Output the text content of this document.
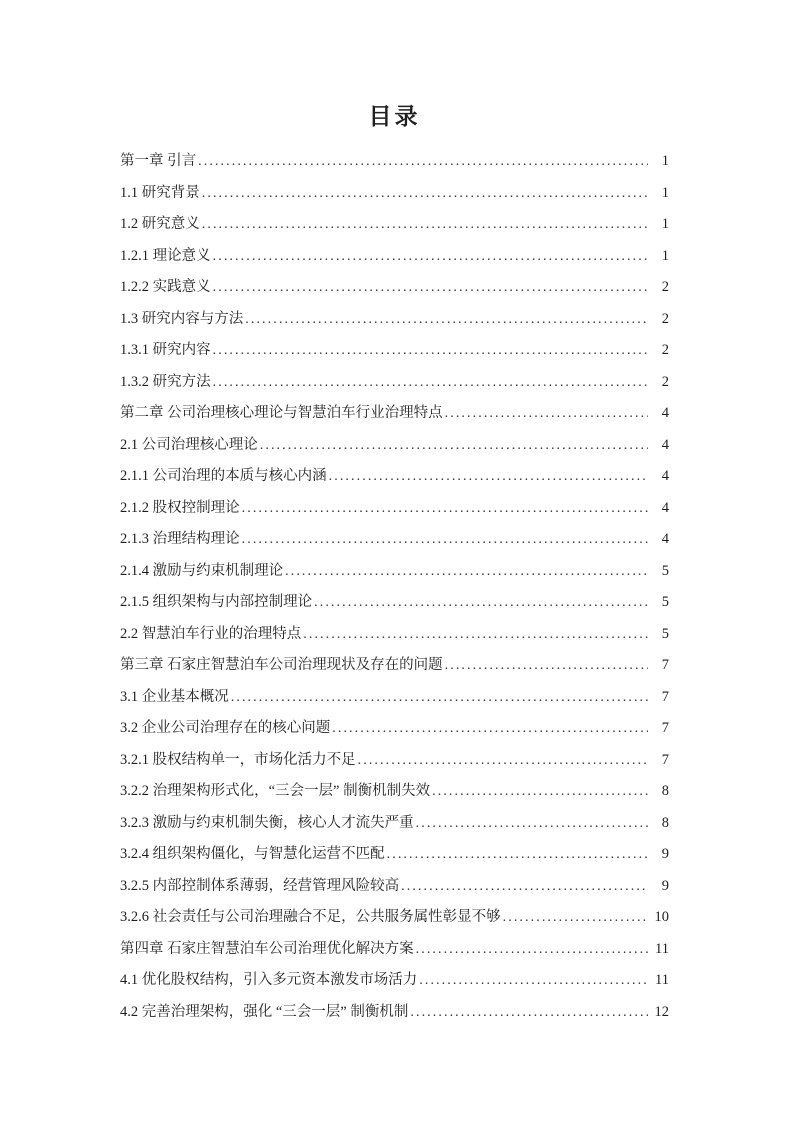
目录
第一章 引言 .....	1
1.1 研究背景 .....	1
1.2 研究意义 .....	1
1.2.1 理论意义 .....	1
1.2.2 实践意义 .....	2
1.3 研究内容与方法 .....	2
1.3.1 研究内容 .....	2
1.3.2 研究方法 .....	2
第二章 公司治理核心理论与智慧泊车行业治理特点 .....	4
2.1 公司治理核心理论 .....	4
2.1.1 公司治理的本质与核心内涵 .....	4
2.1.2 股权控制理论 .....	4
2.1.3 治理结构理论 .....	4
2.1.4 激励与约束机制理论 .....	5
2.1.5 组织架构与内部控制理论 .....	5
2.2 智慧泊车行业的治理特点 .....	5
第三章 石家庄智慧泊车公司治理现状及存在的问题 .....	7
3.1 企业基本概况 .....	7
3.2 企业公司治理存在的核心问题 .....	7
3.2.1 股权结构单一，市场化活力不足 .....	7
3.2.2 治理架构形式化，“三会一层” 制衡机制失效 .....	8
3.2.3 激励与约束机制失衡，核心人才流失严重 .....	8
3.2.4 组织架构僵化，与智慧化运营不匹配 .....	9
3.2.5 内部控制体系薄弱，经营管理风险较高 .....	9
3.2.6 社会责任与公司治理融合不足，公共服务属性彰显不够 .....	10
第四章 石家庄智慧泊车公司治理优化解决方案 .....	11
4.1 优化股权结构，引入多元资本激发市场活力 .....	11
4.2 完善治理架构，强化 “三会一层” 制衡机制 .....	12
